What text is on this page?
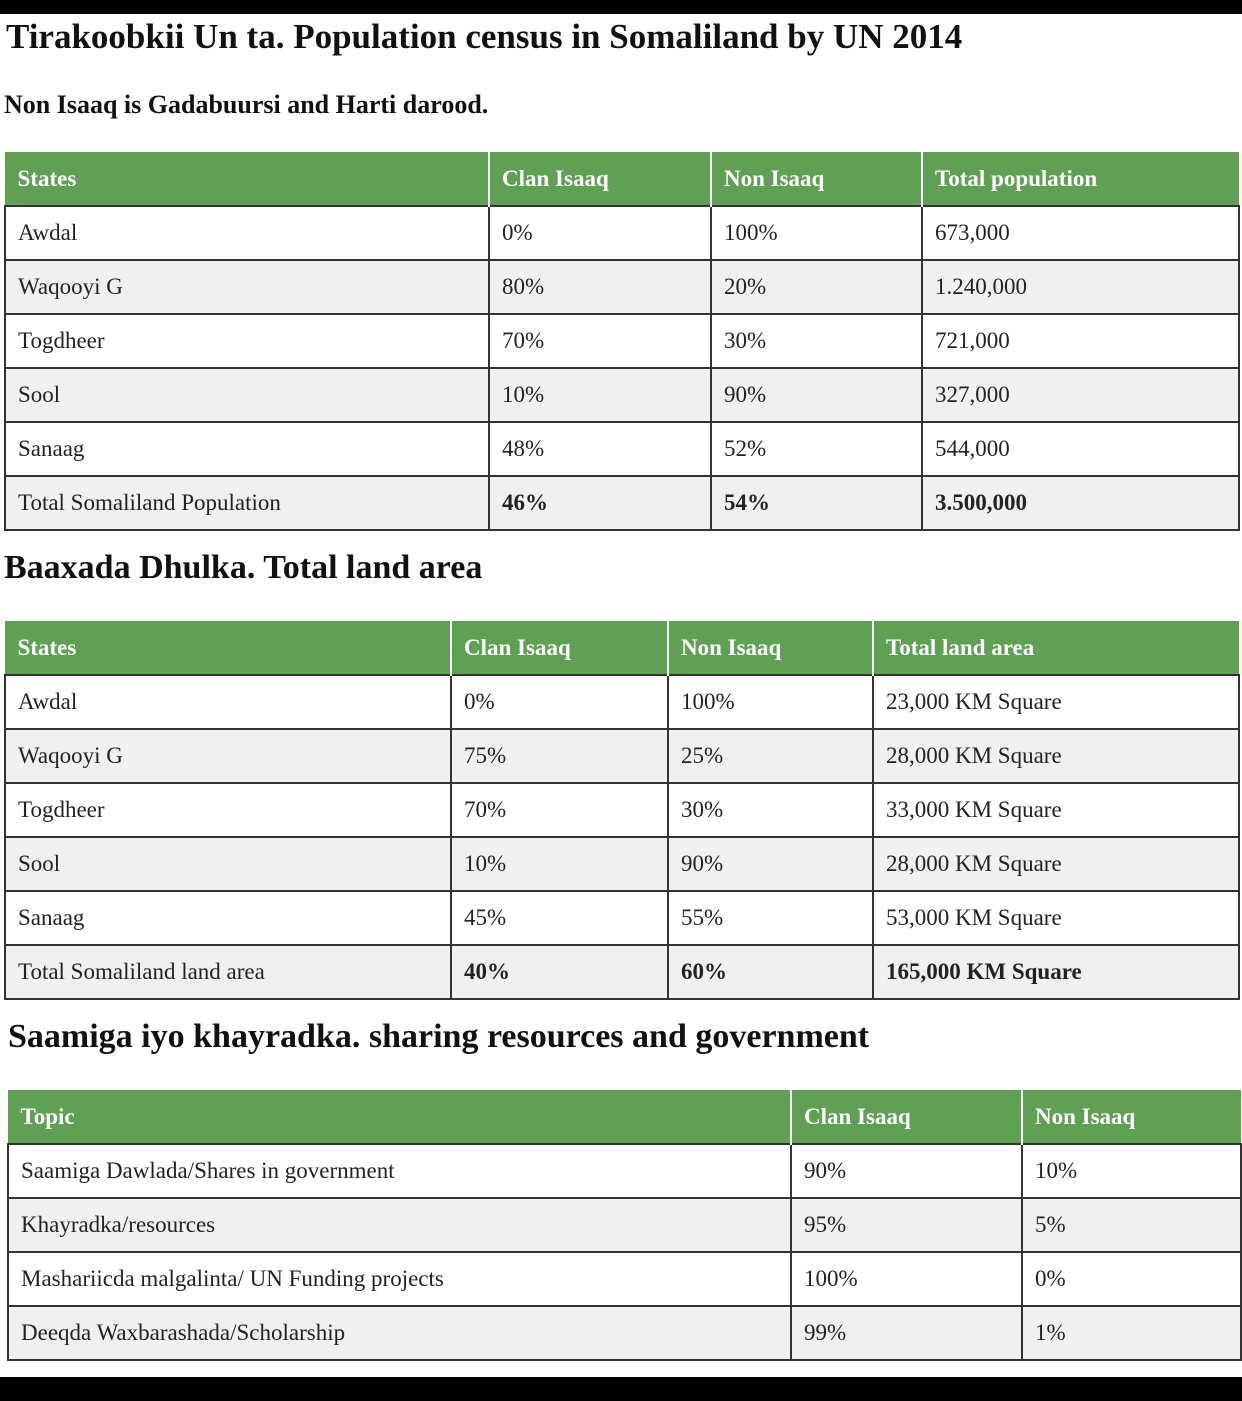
Tirakoobkii Un ta. Population census in Somaliland by UN 2014

Non Isaaq is Gadabuursi and Harti darood.

States	Clan Isaaq	Non Isaaq	Total population
Awdal	0%	100%	673,000
Waqooyi G	80%	20%	1.240,000
Togdheer	70%	30%	721,000
Sool	10%	90%	327,000
Sanaag	48%	52%	544,000
Total Somaliland Population	46%	54%	3.500,000
Baaxada Dhulka. Total land area
States	Clan Isaaq	Non Isaaq	Total land area
Awdal	0%	100%	23,000 KM Square
Waqooyi G	75%	25%	28,000 KM Square
Togdheer	70%	30%	33,000 KM Square
Sool	10%	90%	28,000 KM Square
Sanaag	45%	55%	53,000 KM Square
Total Somaliland land area	40%	60%	165,000 KM Square
Saamiga iyo khayradka. sharing resources and government
Topic	Clan Isaaq	Non Isaaq
Saamiga Dawlada/Shares in government	90%	10%
Khayradka/resources	95%	5%
Mashariicda malgalinta/ UN Funding projects	100%	0%
Deeqda Waxbarashada/Scholarship	99%	1%
